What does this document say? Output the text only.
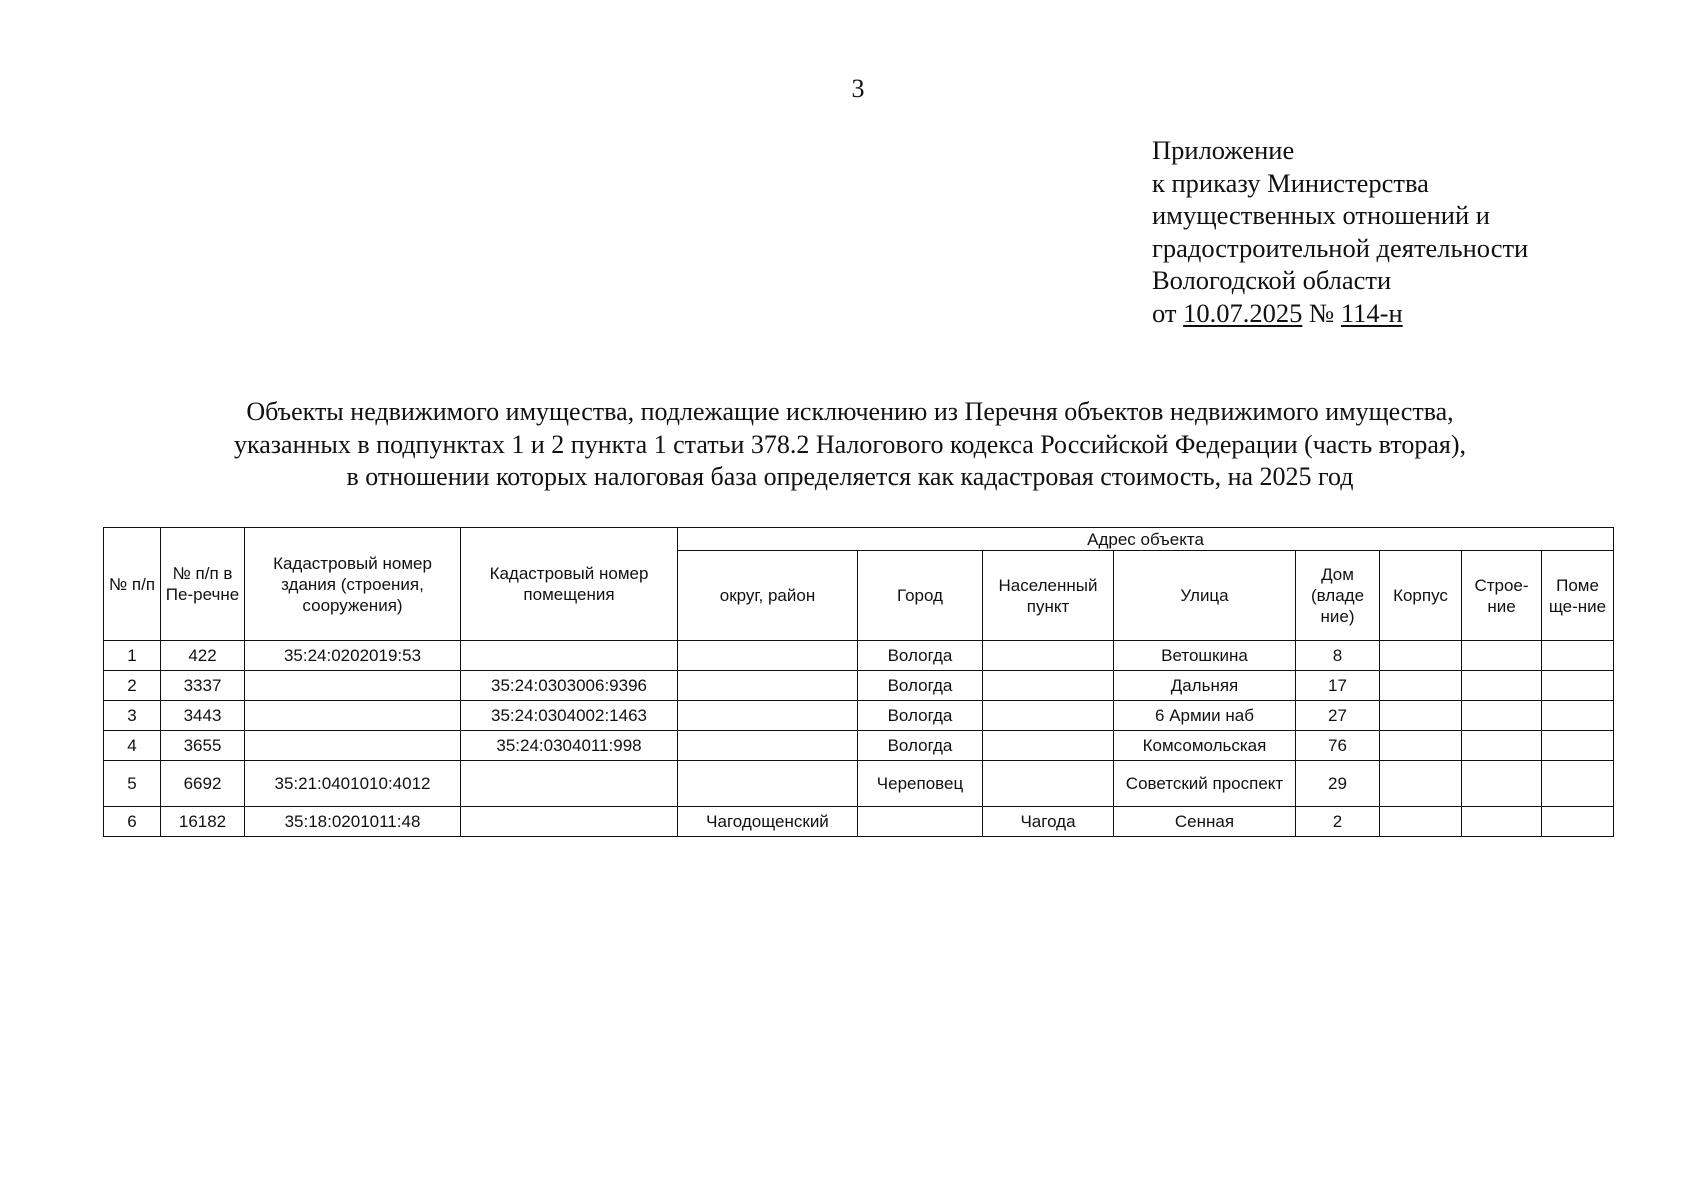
3
Приложение
к приказу Министерства
имущественных отношений и
градостроительной деятельности
Вологодской области
от 10.07.2025 № 114-н
Объекты недвижимого имущества, подлежащие исключению из Перечня объектов недвижимого имущества,
указанных в подпунктах 1 и 2 пункта 1 статьи 378.2 Налогового кодекса Российской Федерации (часть вторая),
в отношении которых налоговая база определяется как кадастровая стоимость, на 2025 год
№ п/п	№ п/п в Пе-речне	Кадастровый номер здания (строения, сооружения)	Кадастровый номер помещения	Адрес объекта							
				округ, район	Город	Населенный пункт	Улица	Дом (владе ние)	Корпус	Строе-ние	Поме ще-ние
1	422	35:24:0202019:53			Вологда		Ветошкина	8			
2	3337		35:24:0303006:9396		Вологда		Дальняя	17			
3	3443		35:24:0304002:1463		Вологда		6 Армии наб	27			
4	3655		35:24:0304011:998		Вологда		Комсомольская	76			
5	6692	35:21:0401010:4012			Череповец		Советский проспект	29			
6	16182	35:18:0201011:48		Чагодощенский		Чагода	Сенная	2			
